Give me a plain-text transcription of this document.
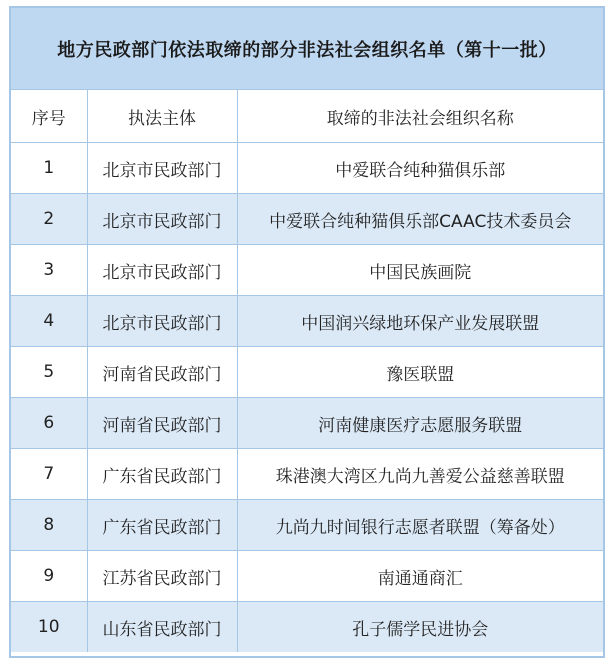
地方民政部门依法取缔的部分非法社会组织名单（第十一批）
序号	执法主体	取缔的非法社会组织名称
1	北京市民政部门	中爱联合纯种猫俱乐部
2	北京市民政部门	中爱联合纯种猫俱乐部CAAC技术委员会
3	北京市民政部门	中国民族画院
4	北京市民政部门	中国润兴绿地环保产业发展联盟
5	河南省民政部门	豫医联盟
6	河南省民政部门	河南健康医疗志愿服务联盟
7	广东省民政部门	珠港澳大湾区九尚九善爱公益慈善联盟
8	广东省民政部门	九尚九时间银行志愿者联盟（筹备处）
9	江苏省民政部门	南通通商汇
10	山东省民政部门	孔子儒学民进协会
